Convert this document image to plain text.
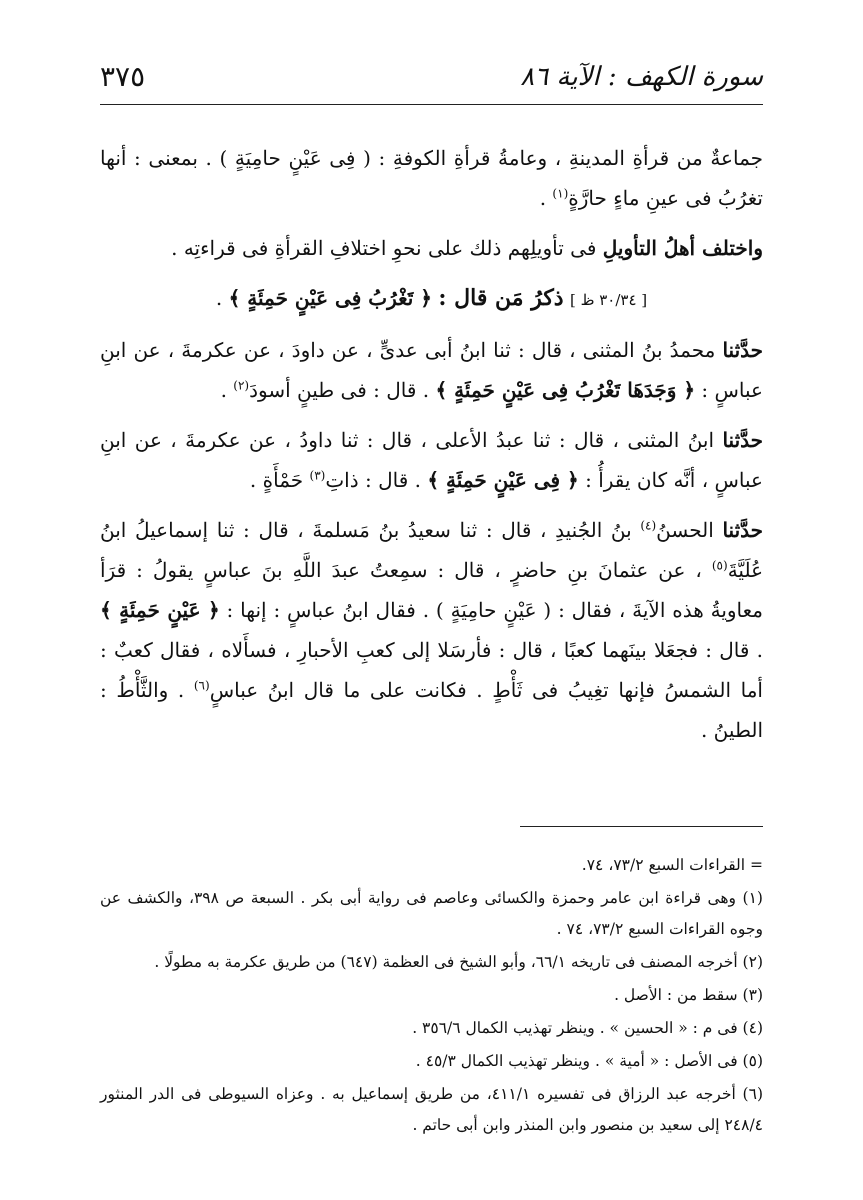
سورة الكهف : الآية ٨٦
٣٧٥

جماعةٌ من قرأةِ المدينةِ ، وعامةُ قرأةِ الكوفةِ : ( فِى عَيْنٍ حامِيَةٍ ) . بمعنى : أنها تغرُبُ فى عينِ ماءٍ حارَّةٍ$^{(١)}$ .

واختلف أهلُ التأويلِ فى تأويلِهم ذلك على نحوِ اختلافِ القرأةِ فى قراءتِه .

[ ٣٠/٣٤ ظ ] ذكرُ مَن قال : ﴿ تَغْرُبُ فِى عَيْنٍ حَمِئَةٍ ﴾ .

حدَّثنا محمدُ بنُ المثنى ، قال : ثنا ابنُ أبى عدىٍّ ، عن داودَ ، عن عكرمةَ ، عن ابنِ عباسٍ : ﴿ وَجَدَهَا تَغْرُبُ فِى عَيْنٍ حَمِئَةٍ ﴾ . قال : فى طينٍ أسودَ$^{(٢)}$ .

حدَّثنا ابنُ المثنى ، قال : ثنا عبدُ الأعلى ، قال : ثنا داودُ ، عن عكرمةَ ، عن ابنِ عباسٍ ، أنَّه كان يقرأُ : ﴿ فِى عَيْنٍ حَمِئَةٍ ﴾ . قال : ذاتِ$^{(٣)}$ حَمْأَةٍ .

حدَّثنا الحسنُ$^{(٤)}$ بنُ الجُنيدِ ، قال : ثنا سعيدُ بنُ مَسلمةَ ، قال : ثنا إسماعيلُ ابنُ عُلَيَّةَ$^{(٥)}$ ، عن عثمانَ بنِ حاضرٍ ، قال : سمِعتُ عبدَ اللَّهِ بنَ عباسٍ يقولُ : قرَأ معاويةُ هذه الآيةَ ، فقال : ( عَيْنٍ حامِيَةٍ ) . فقال ابنُ عباسٍ : إنها : ﴿ عَيْنٍ حَمِئَةٍ ﴾ . قال : فجعَلا بينَهما كعبًا ، قال : فأرسَلا إلى كعبِ الأحبارِ ، فسأَلاه ، فقال كعبٌ : أما الشمسُ فإنها تغِيبُ فى ثَأْطٍ . فكانت على ما قال ابنُ عباسٍ$^{(٦)}$ . والثَّأْطُ : الطينُ .

= القراءات السبع ٧٣/٢، ٧٤.

(١) وهى قراءة ابن عامر وحمزة والكسائى وعاصم فى رواية أبى بكر . السبعة ص ٣٩٨، والكشف عن وجوه القراءات السبع ٧٣/٢، ٧٤ .

(٢) أخرجه المصنف فى تاريخه ٦٦/١، وأبو الشيخ فى العظمة (٦٤٧) من طريق عكرمة به مطولًا .

(٣) سقط من : الأصل .

(٤) فى م : « الحسين » . وينظر تهذيب الكمال ٣٥٦/٦ .

(٥) فى الأصل : « أمية » . وينظر تهذيب الكمال ٤٥/٣ .

(٦) أخرجه عبد الرزاق فى تفسيره ٤١١/١، من طريق إسماعيل به . وعزاه السيوطى فى الدر المنثور ٢٤٨/٤ إلى سعيد بن منصور وابن المنذر وابن أبى حاتم .
